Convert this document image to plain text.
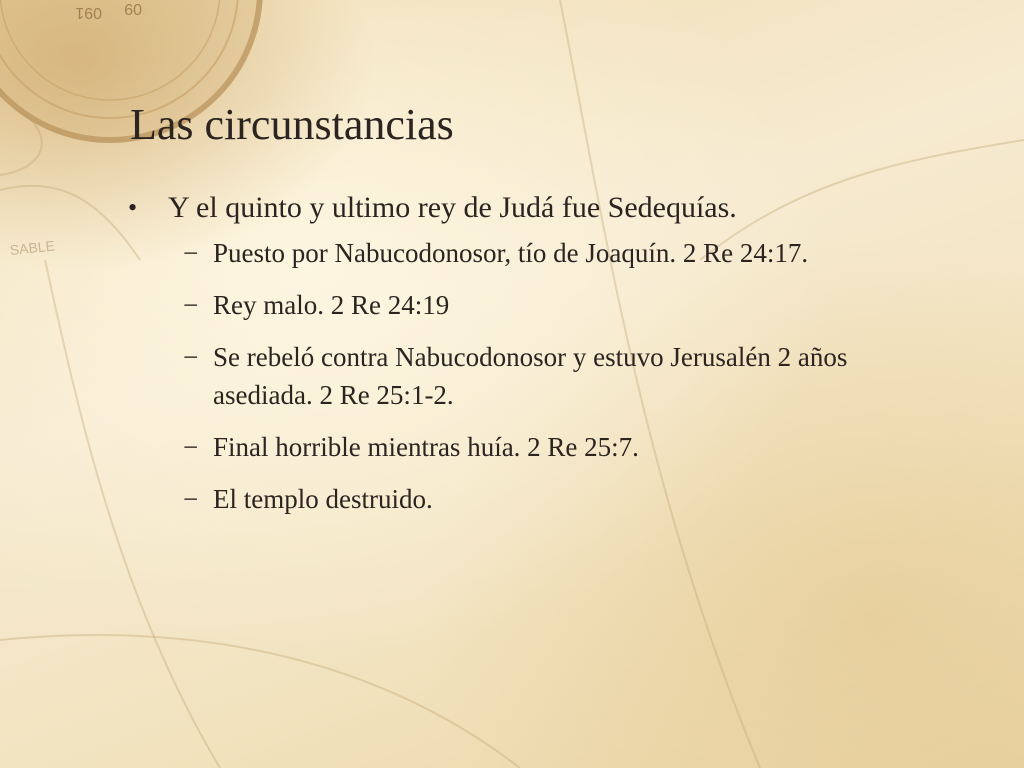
091 09
SABLE
Las circunstancias
•	Y el quinto y ultimo rey de Judá fue Sedequías.
− Puesto por Nabucodonosor, tío de Joaquín. 2 Re 24:17.
− Rey malo. 2 Re 24:19
− Se rebeló contra Nabucodonosor y estuvo Jerusalén 2 años asediada. 2 Re 25:1-2.
− Final horrible mientras huía. 2 Re 25:7.
− El templo destruido.
